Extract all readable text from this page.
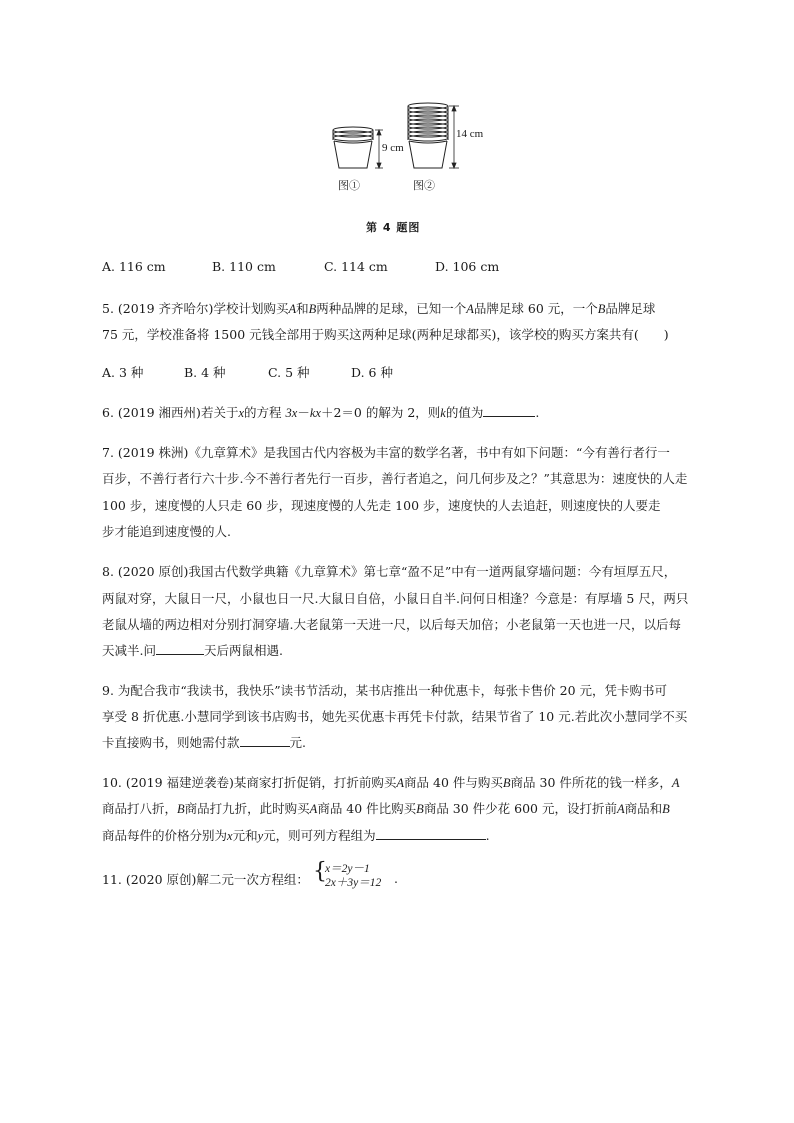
9 cm
14 cm
图①	图②
第 4 题图
A. 116 cm	B. 110 cm	C. 114 cm	D. 106 cm
5. (2019 齐齐哈尔)学校计划购买A和B两种品牌的足球，已知一个A品牌足球 60 元，一个B品牌足球
75 元，学校准备将 1500 元钱全部用于购买这两种足球(两种足球都买)，该学校的购买方案共有(　　)
A. 3 种	B. 4 种	C. 5 种	D. 6 种
6. (2019 湘西州)若关于x的方程 3x－kx＋2＝0 的解为 2，则k的值为	.
7. (2019 株洲)《九章算术》是我国古代内容极为丰富的数学名著，书中有如下问题：“今有善行者行一
百步，不善行者行六十步.今不善行者先行一百步，善行者追之，问几何步及之？”其意思为：速度快的人走
100 步，速度慢的人只走 60 步，现速度慢的人先走 100 步，速度快的人去追赶，则速度快的人要走
步才能追到速度慢的人.
8. (2020 原创)我国古代数学典籍《九章算术》第七章“盈不足”中有一道两鼠穿墙问题：今有垣厚五尺，
两鼠对穿，大鼠日一尺，小鼠也日一尺.大鼠日自倍，小鼠日自半.问何日相逢？今意是：有厚墙 5 尺，两只
老鼠从墙的两边相对分别打洞穿墙.大老鼠第一天进一尺，以后每天加倍；小老鼠第一天也进一尺，以后每
天减半.问	天后两鼠相遇.
9. 为配合我市“我读书，我快乐”读书节活动，某书店推出一种优惠卡，每张卡售价 20 元，凭卡购书可
享受 8 折优惠.小慧同学到该书店购书，她先买优惠卡再凭卡付款，结果节省了 10 元.若此次小慧同学不买
卡直接购书，则她需付款	元.
10. (2019 福建逆袭卷)某商家打折促销，打折前购买A商品 40 件与购买B商品 30 件所花的钱一样多，A
商品打八折，B商品打九折，此时购买A商品 40 件比购买B商品 30 件少花 600 元，设打折前A商品和B
商品每件的价格分别为x元和y元，则可列方程组为	.
11. (2020 原创)解二元一次方程组： {
x＝2y－1
2x＋3y＝12 .
